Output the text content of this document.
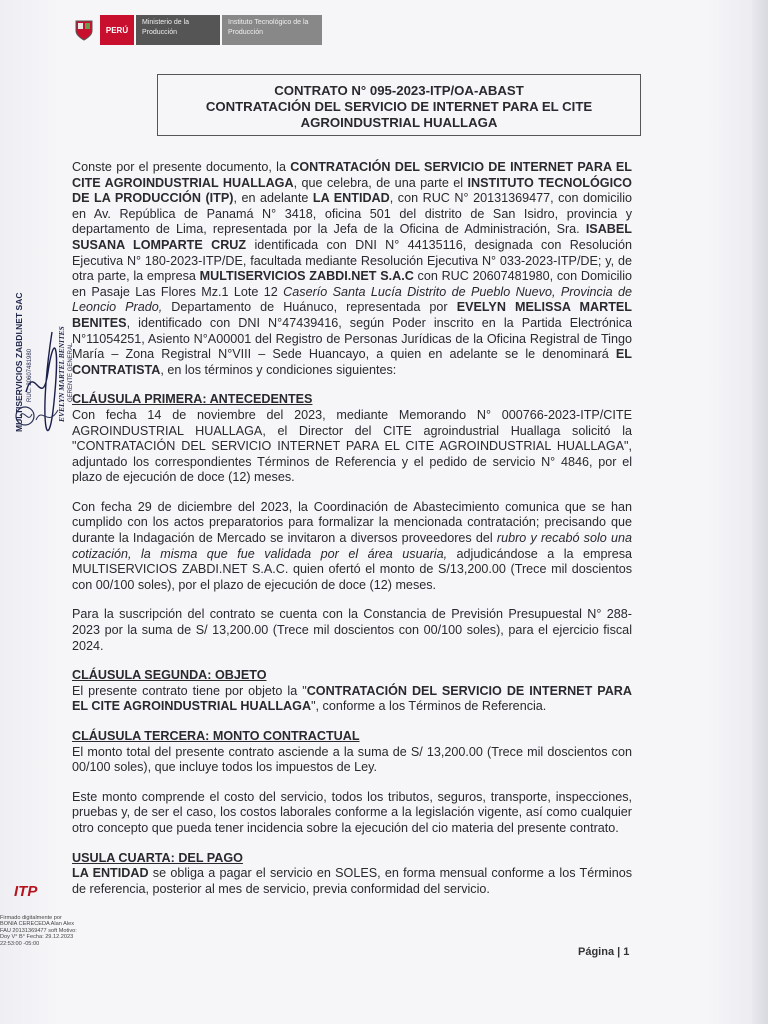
PERÚ
Ministerio de la Producción
Instituto Tecnológico de la Producción
CONTRATO N° 095-2023-ITP/OA-ABAST
CONTRATACIÓN DEL SERVICIO DE INTERNET PARA EL CITE
AGROINDUSTRIAL HUALLAGA
MULTISERVICIOS ZABDI.NET SAC RUC: 20607481980	EVELYN MARTEL BENITES GERENTE GENERAL

Conste por el presente documento, la CONTRATACIÓN DEL SERVICIO DE INTERNET PARA EL CITE AGROINDUSTRIAL HUALLAGA, que celebra, de una parte el INSTITUTO TECNOLÓGICO DE LA PRODUCCIÓN (ITP), en adelante LA ENTIDAD, con RUC N° 20131369477, con domicilio en Av. República de Panamá N° 3418, oficina 501 del distrito de San Isidro, provincia y departamento de Lima, representada por la Jefa de la Oficina de Administración, Sra. ISABEL SUSANA LOMPARTE CRUZ identificada con DNI N° 44135116, designada con Resolución Ejecutiva N° 180-2023-ITP/DE, facultada mediante Resolución Ejecutiva N° 033-2023-ITP/DE; y, de otra parte, la empresa MULTISERVICIOS ZABDI.NET S.A.C con RUC 20607481980, con Domicilio en Pasaje Las Flores Mz.1 Lote 12 Caserío Santa Lucía Distrito de Pueblo Nuevo, Provincia de Leoncio Prado, Departamento de Huánuco, representada por EVELYN MELISSA MARTEL BENITES, identificado con DNI N°47439416, según Poder inscrito en la Partida Electrónica N°11054251, Asiento N°A00001 del Registro de Personas Jurídicas de la Oficina Registral de Tingo María – Zona Registral N°VIII – Sede Huancayo, a quien en adelante se le denominará EL CONTRATISTA, en los términos y condiciones siguientes:

CLÁUSULA PRIMERA: ANTECEDENTES

Con fecha 14 de noviembre del 2023, mediante Memorando N° 000766-2023-ITP/CITE AGROINDUSTRIAL HUALLAGA, el Director del CITE agroindustrial Huallaga solicitó la "CONTRATACIÓN DEL SERVICIO INTERNET PARA EL CITE AGROINDUSTRIAL HUALLAGA", adjuntado los correspondientes Términos de Referencia y el pedido de servicio N° 4846, por el plazo de ejecución de doce (12) meses.

Con fecha 29 de diciembre del 2023, la Coordinación de Abastecimiento comunica que se han cumplido con los actos preparatorios para formalizar la mencionada contratación; precisando que durante la Indagación de Mercado se invitaron a diversos proveedores del rubro y recabó solo una cotización, la misma que fue validada por el área usuaria, adjudicándose a la empresa MULTISERVICIOS ZABDI.NET S.A.C. quien ofertó el monto de S/13,200.00 (Trece mil doscientos con 00/100 soles), por el plazo de ejecución de doce (12) meses.

Para la suscripción del contrato se cuenta con la Constancia de Previsión Presupuestal N° 288-2023 por la suma de S/ 13,200.00 (Trece mil doscientos con 00/100 soles), para el ejercicio fiscal 2024.

CLÁUSULA SEGUNDA: OBJETO

El presente contrato tiene por objeto la "CONTRATACIÓN DEL SERVICIO DE INTERNET PARA EL CITE AGROINDUSTRIAL HUALLAGA", conforme a los Términos de Referencia.

CLÁUSULA TERCERA: MONTO CONTRACTUAL

El monto total del presente contrato asciende a la suma de S/ 13,200.00 (Trece mil doscientos con 00/100 soles), que incluye todos los impuestos de Ley.

Este monto comprende el costo del servicio, todos los tributos, seguros, transporte, inspecciones, pruebas y, de ser el caso, los costos laborales conforme a la legislación vigente, así como cualquier otro concepto que pueda tener incidencia sobre la ejecución del cio materia del presente contrato.

USULA CUARTA: DEL PAGO

LA ENTIDAD se obliga a pagar el servicio en SOLES, en forma mensual conforme a los Términos de referencia, posterior al mes de servicio, previa conformidad del servicio.

ITP
Firmado digitalmente por BONIA CERECEDA Alan Alex FAU 20131369477 soft Motivo: Doy V° B° Fecha: 29.12.2023 22:53:00 -05:00
Página | 1
